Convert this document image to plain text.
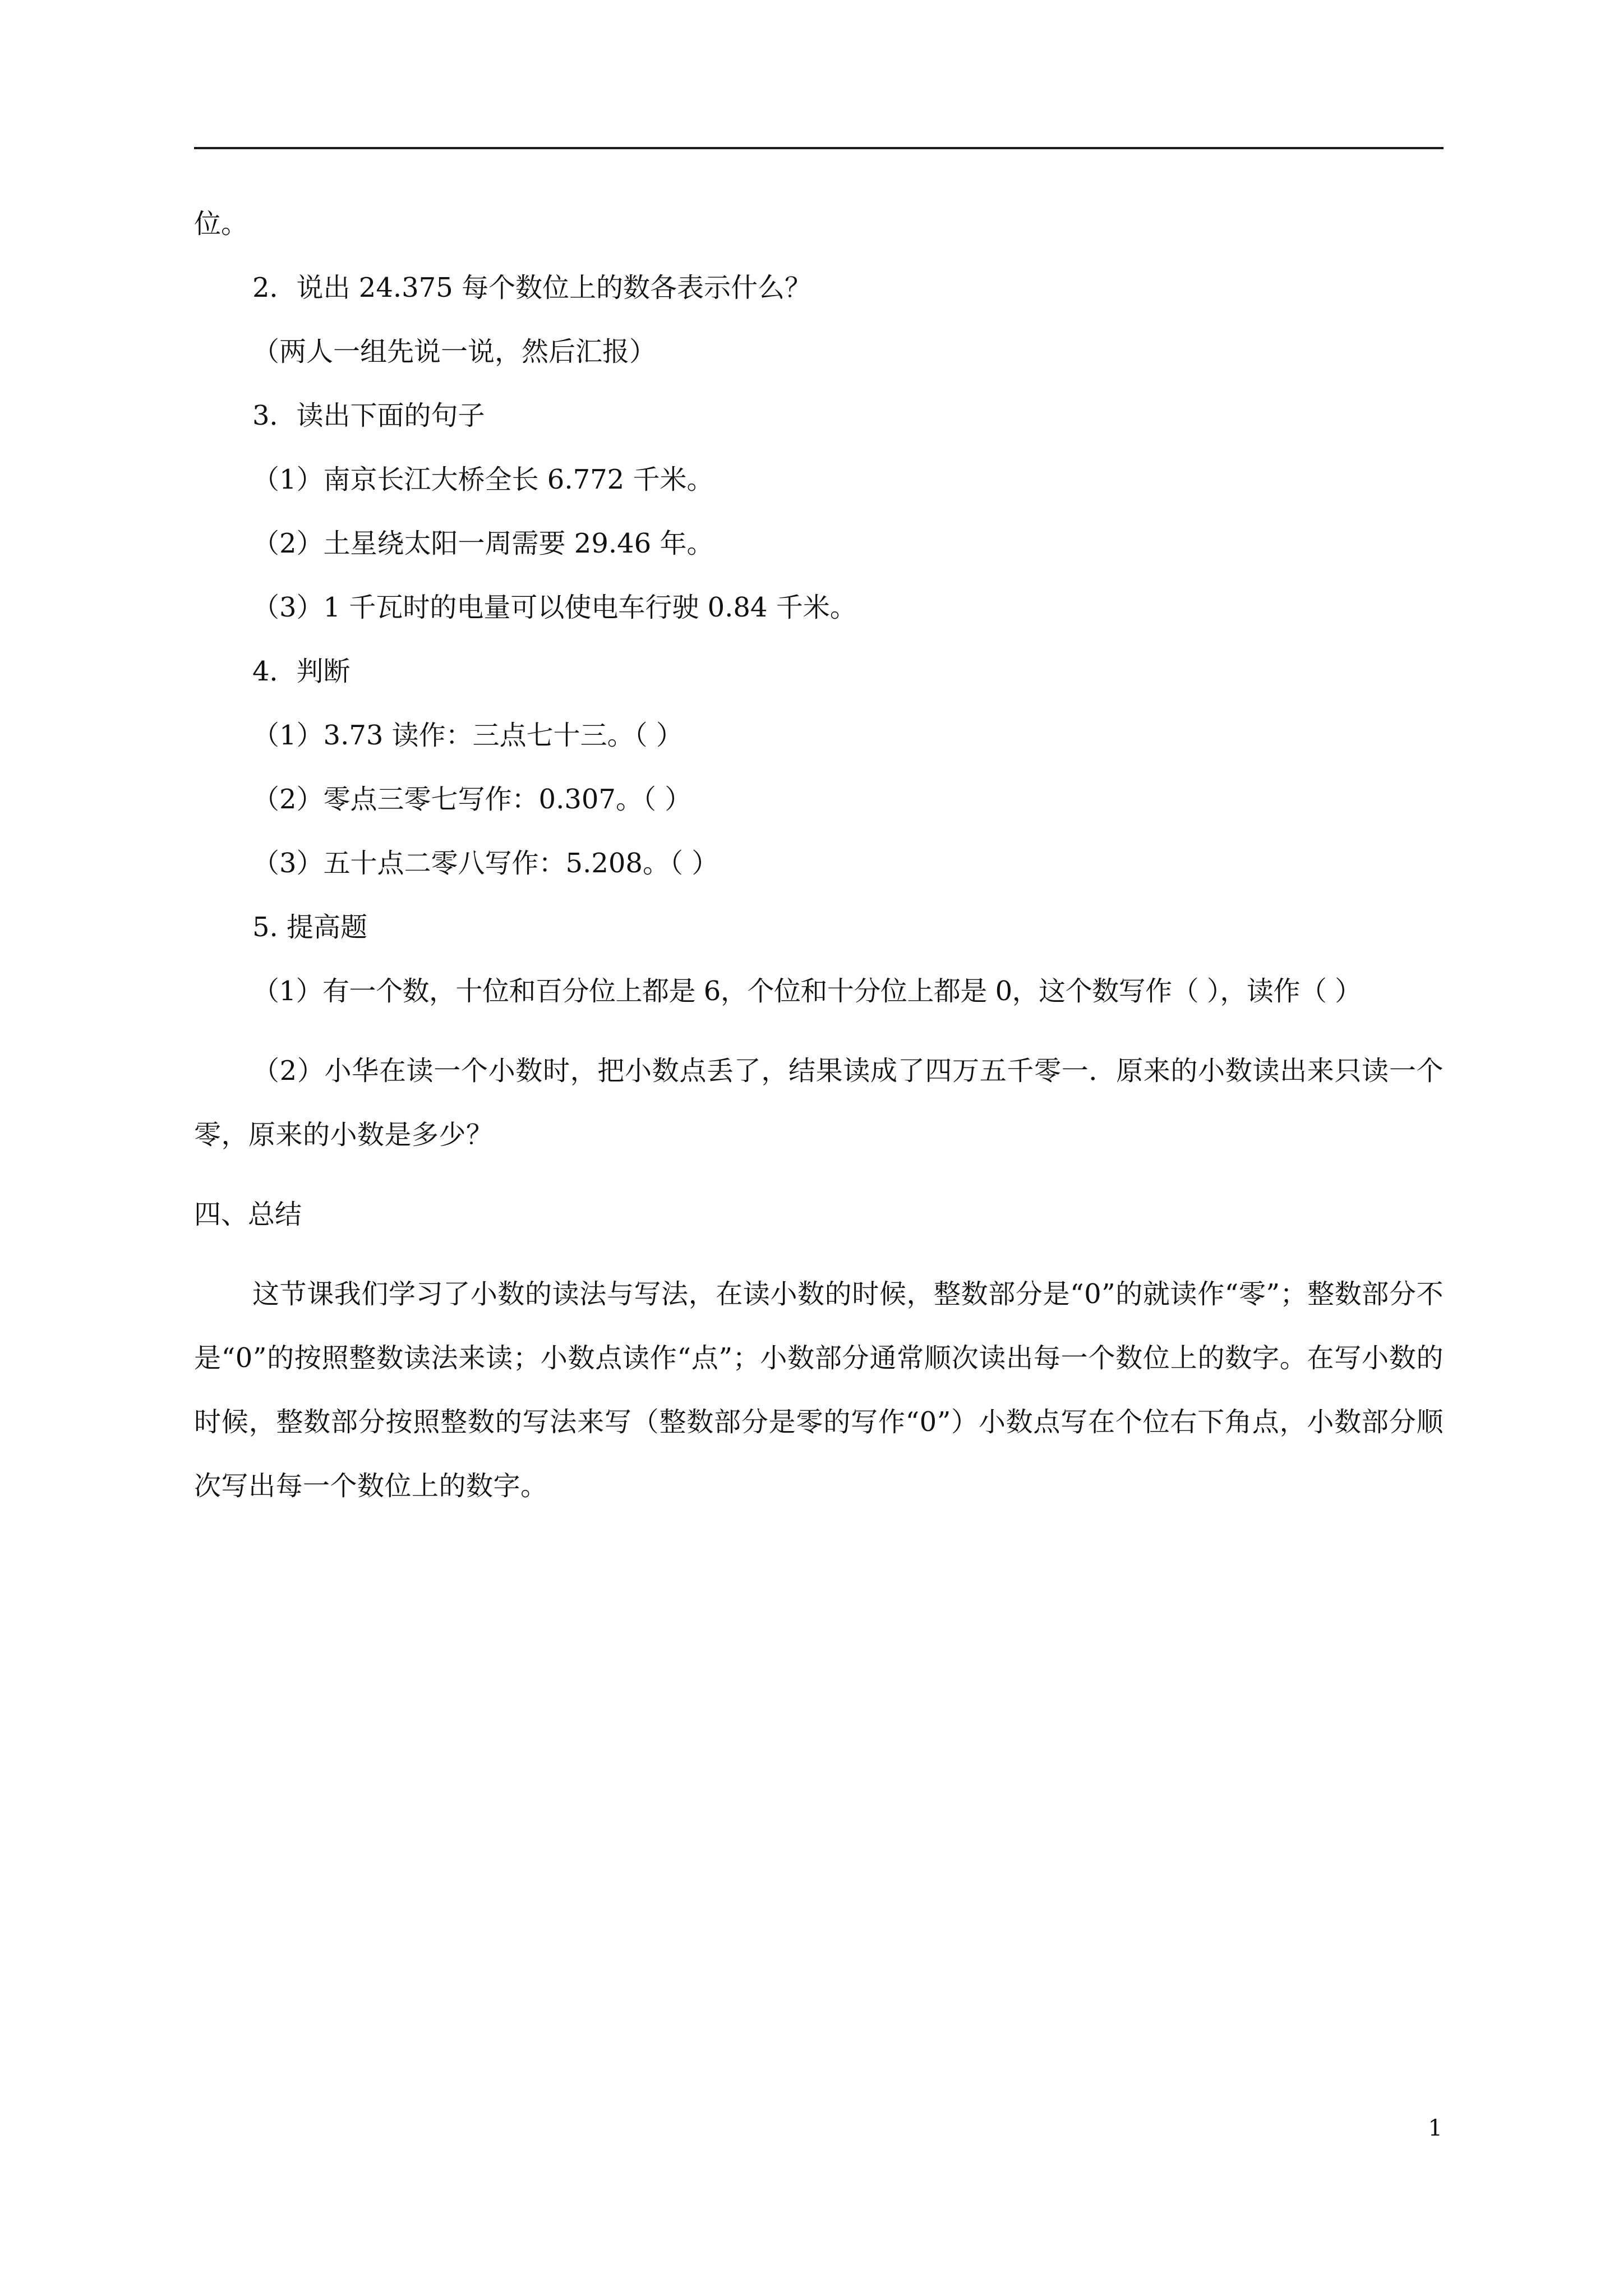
位。

2．说出 24.375 每个数位上的数各表示什么？

（两人一组先说一说，然后汇报）

3．读出下面的句子

（1）南京长江大桥全长 6.772 千米。

（2）土星绕太阳一周需要 29.46 年。

（3）1 千瓦时的电量可以使电车行驶 0.84 千米。

4．判断

（1）3.73 读作：三点七十三。（ ）

（2）零点三零七写作：0.307。（ ）

（3）五十点二零八写作：5.208。（ ）

5. 提高题

（1）有一个数，十位和百分位上都是 6，个位和十分位上都是 0，这个数写作（ ），读作（ ）

（2）小华在读一个小数时，把小数点丢了，结果读成了四万五千零一．原来的小数读出来只读一个零，原来的小数是多少？

四、总结

这节课我们学习了小数的读法与写法，在读小数的时候，整数部分是“0”的就读作“零”；整数部分不是“0”的按照整数读法来读；小数点读作“点”；小数部分通常顺次读出每一个数位上的数字。在写小数的时候，整数部分按照整数的写法来写（整数部分是零的写作“0”）小数点写在个位右下角点，小数部分顺次写出每一个数位上的数字。

1
